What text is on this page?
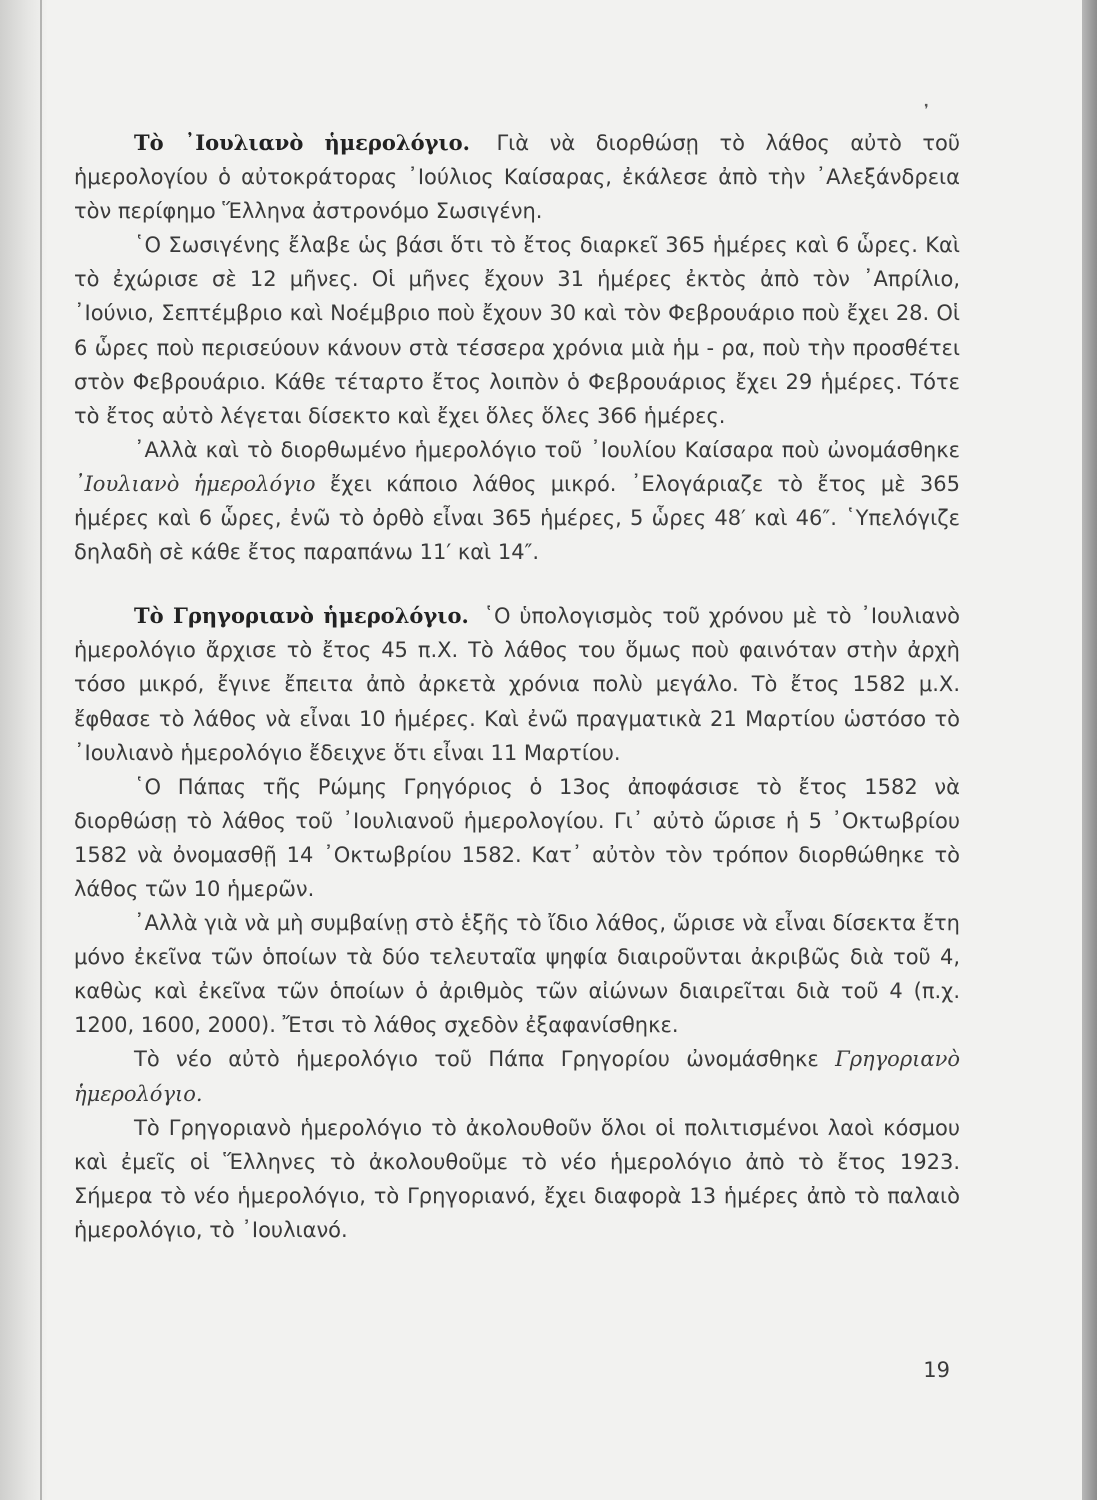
❜

Τὸ ᾿Ιουλιανὸ ἡμερολόγιο. Γιὰ νὰ διορθώσῃ τὸ λάθος αὐτὸ τοῦ ἡμερολογίου ὁ αὐτοκράτορας ᾿Ιούλιος Καίσαρας, ἐκάλεσε ἀπὸ τὴν ᾿Αλεξάνδρεια τὸν περίφημο Ἕλληνα ἀστρονόμο Σωσιγένη.

῾Ο Σωσιγένης ἔλαβε ὡς βάσι ὅτι τὸ ἔτος διαρκεῖ 365 ἡμέρες καὶ 6 ὧρες. Καὶ τὸ ἐχώρισε σὲ 12 μῆνες. Οἱ μῆνες ἔχουν 31 ἡμέρες ἐκτὸς ἀπὸ τὸν ᾿Απρίλιο, ᾿Ιούνιο, Σεπτέμβριο καὶ Νοέμβριο ποὺ ἔχουν 30 καὶ τὸν Φεβρουάριο ποὺ ἔχει 28. Οἱ 6 ὧρες ποὺ περισεύουν κάνουν στὰ τέσσερα χρόνια μιὰ ἡμ - ρα, ποὺ τὴν προσθέτει στὸν Φεβρουάριο. Κάθε τέταρτο ἔτος λοιπὸν ὁ Φεβρουάριος ἔχει 29 ἡμέρες. Τότε τὸ ἔτος αὐτὸ λέγεται δίσεκτο καὶ ἔχει ὅλες ὅλες 366 ἡμέρες.

᾿Αλλὰ καὶ τὸ διορθωμένο ἡμερολόγιο τοῦ ᾿Ιουλίου Καίσαρα ποὺ ὠνομάσθηκε ᾿Ιουλιανὸ ἡμερολόγιο ἔχει κάποιο λάθος μικρό. ᾿Ελογάριαζε τὸ ἔτος μὲ 365 ἡμέρες καὶ 6 ὧρες, ἐνῶ τὸ ὀρθὸ εἶναι 365 ἡμέρες, 5 ὧρες 48′ καὶ 46″. ῾Υπελόγιζε δηλαδὴ σὲ κάθε ἔτος παραπάνω 11′ καὶ 14″.

Τὸ Γρηγοριανὸ ἡμερολόγιο. ῾Ο ὑπολογισμὸς τοῦ χρόνου μὲ τὸ ᾿Ιουλιανὸ ἡμερολόγιο ἄρχισε τὸ ἔτος 45 π.Χ. Τὸ λάθος του ὅμως ποὺ φαινόταν στὴν ἀρχὴ τόσο μικρό, ἔγινε ἔπειτα ἀπὸ ἀρκετὰ χρόνια πολὺ μεγάλο. Τὸ ἔτος 1582 μ.Χ. ἔφθασε τὸ λάθος νὰ εἶναι 10 ἡμέρες. Καὶ ἐνῶ πραγματικὰ 21 Μαρτίου ὡστόσο τὸ ᾿Ιουλιανὸ ἡμερολόγιο ἔδειχνε ὅτι εἶναι 11 Μαρτίου.

῾Ο Πάπας τῆς Ρώμης Γρηγόριος ὁ 13ος ἀποφάσισε τὸ ἔτος 1582 νὰ διορθώσῃ τὸ λάθος τοῦ ᾿Ιουλιανοῦ ἡμερολογίου. Γι᾿ αὐτὸ ὥρισε ἡ 5 ᾿Οκτωβρίου 1582 νὰ ὀνομασθῇ 14 ᾿Οκτωβρίου 1582. Κατ᾿ αὐτὸν τὸν τρόπον διορθώθηκε τὸ λάθος τῶν 10 ἡμερῶν.

᾿Αλλὰ γιὰ νὰ μὴ συμβαίνῃ στὸ ἑξῆς τὸ ἴδιο λάθος, ὥρισε νὰ εἶναι δίσεκτα ἔτη μόνο ἐκεῖνα τῶν ὁποίων τὰ δύο τελευταῖα ψηφία διαιροῦνται ἀκριβῶς διὰ τοῦ 4, καθὼς καὶ ἐκεῖνα τῶν ὁποίων ὁ ἀριθμὸς τῶν αἰώνων διαιρεῖται διὰ τοῦ 4 (π.χ. 1200, 1600, 2000). Ἔτσι τὸ λάθος σχεδὸν ἐξαφανίσθηκε.

Τὸ νέο αὐτὸ ἡμερολόγιο τοῦ Πάπα Γρηγορίου ὠνομάσθηκε Γρηγοριανὸ ἡμερολόγιο.

Τὸ Γρηγοριανὸ ἡμερολόγιο τὸ ἀκολουθοῦν ὅλοι οἱ πολιτισμένοι λαοὶ κόσμου καὶ ἐμεῖς οἱ Ἕλληνες τὸ ἀκολουθοῦμε τὸ νέο ἡμερολόγιο ἀπὸ τὸ ἔτος 1923. Σήμερα τὸ νέο ἡμερολόγιο, τὸ Γρηγοριανό, ἔχει διαφορὰ 13 ἡμέρες ἀπὸ τὸ παλαιὸ ἡμερολόγιο, τὸ ᾿Ιουλιανό.

19
